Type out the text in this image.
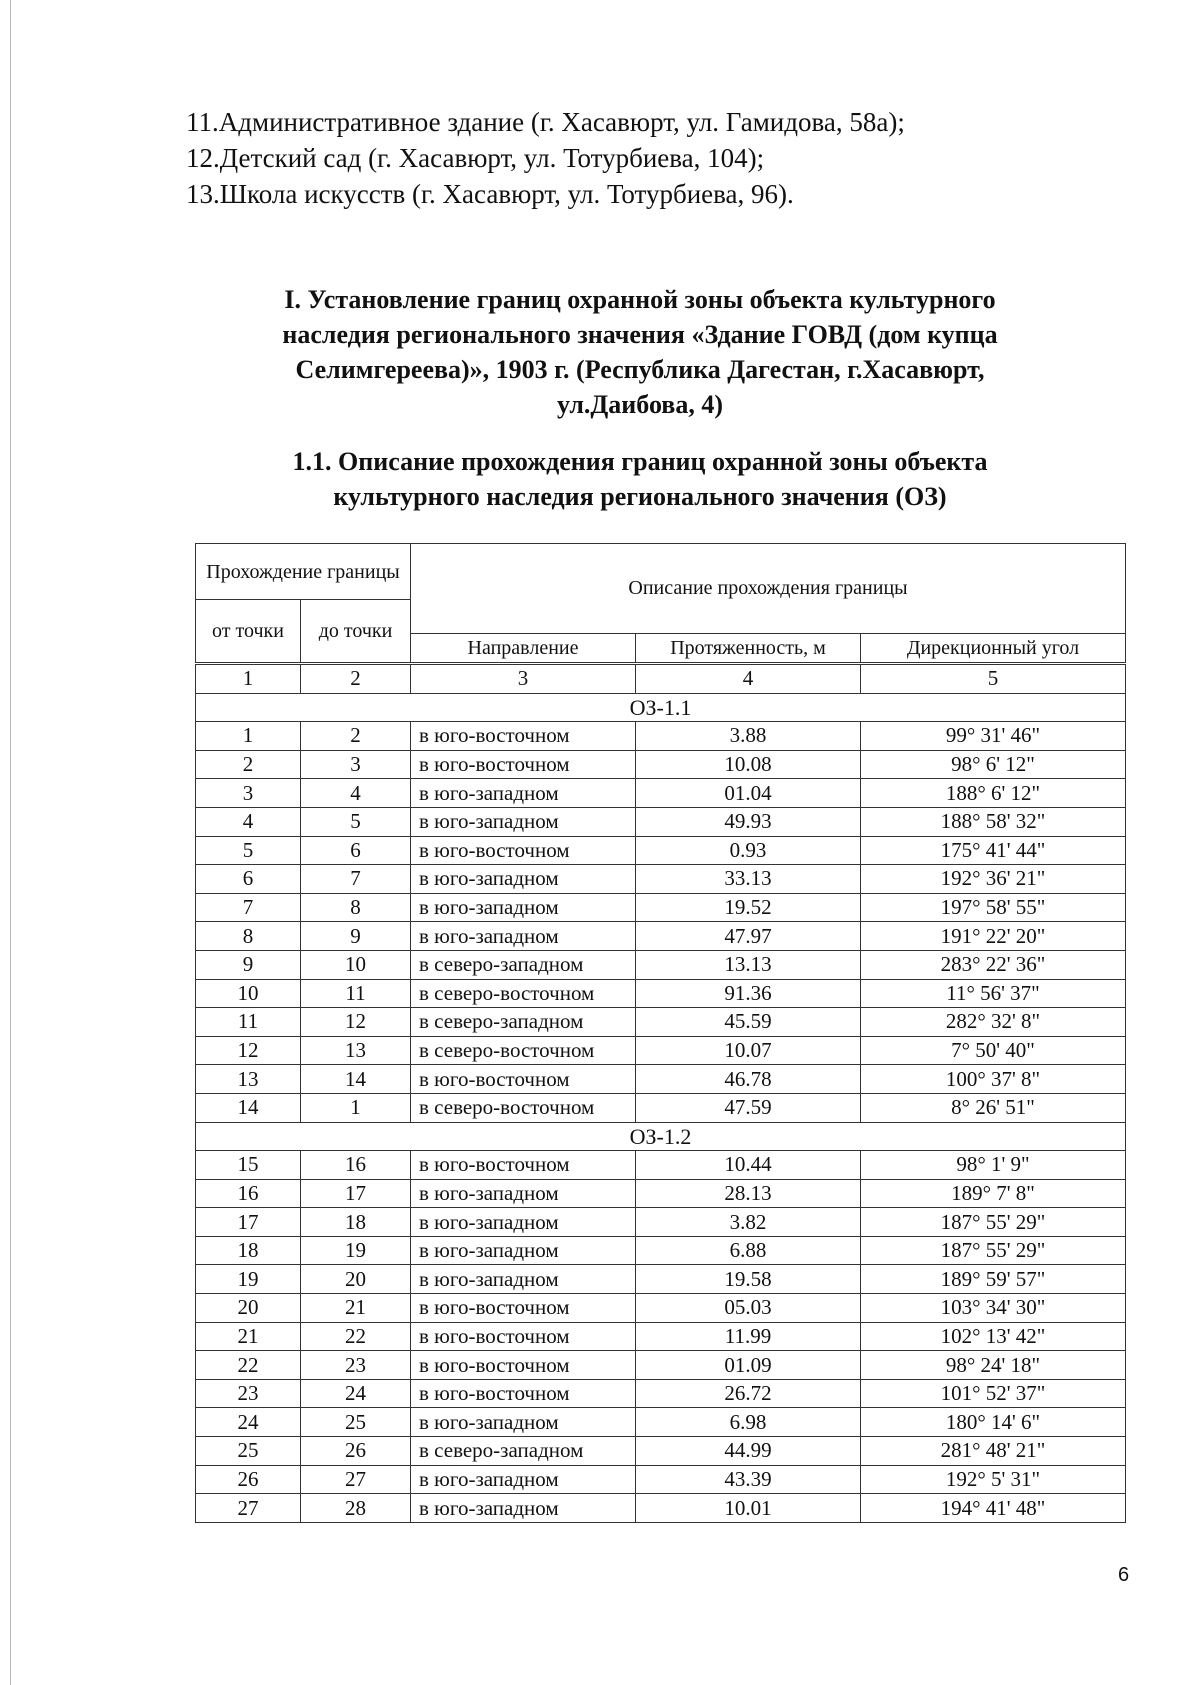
11.Административное здание (г. Хасавюрт, ул. Гамидова, 58а);

12.Детский сад (г. Хасавюрт, ул. Тотурбиева, 104);

13.Школа искусств (г. Хасавюрт, ул. Тотурбиева, 96).

I. Установление границ охранной зоны объекта культурного

наследия регионального значения «Здание ГОВД (дом купца

Селимгереева)», 1903 г. (Республика Дагестан, г.Хасавюрт,

ул.Даибова, 4)

1.1. Описание прохождения границ охранной зоны объекта

культурного наследия регионального значения (ОЗ)

Прохождение границы		Описание прохождения границы		
от точки	до точки			
		Направление	Протяженность, м	Дирекционный угол
1	2	3	4	5
ОЗ-1.1				
1	2	в юго-восточном	3.88	99° 31' 46"
2	3	в юго-восточном	10.08	98° 6' 12"
3	4	в юго-западном	01.04	188° 6' 12"
4	5	в юго-западном	49.93	188° 58' 32"
5	6	в юго-восточном	0.93	175° 41' 44"
6	7	в юго-западном	33.13	192° 36' 21"
7	8	в юго-западном	19.52	197° 58' 55"
8	9	в юго-западном	47.97	191° 22' 20"
9	10	в северо-западном	13.13	283° 22' 36"
10	11	в северо-восточном	91.36	11° 56' 37"
11	12	в северо-западном	45.59	282° 32' 8"
12	13	в северо-восточном	10.07	7° 50' 40"
13	14	в юго-восточном	46.78	100° 37' 8"
14	1	в северо-восточном	47.59	8° 26' 51"
ОЗ-1.2				
15	16	в юго-восточном	10.44	98° 1' 9"
16	17	в юго-западном	28.13	189° 7' 8"
17	18	в юго-западном	3.82	187° 55' 29"
18	19	в юго-западном	6.88	187° 55' 29"
19	20	в юго-западном	19.58	189° 59' 57"
20	21	в юго-восточном	05.03	103° 34' 30"
21	22	в юго-восточном	11.99	102° 13' 42"
22	23	в юго-восточном	01.09	98° 24' 18"
23	24	в юго-восточном	26.72	101° 52' 37"
24	25	в юго-западном	6.98	180° 14' 6"
25	26	в северо-западном	44.99	281° 48' 21"
26	27	в юго-западном	43.39	192° 5' 31"
27	28	в юго-западном	10.01	194° 41' 48"
6
